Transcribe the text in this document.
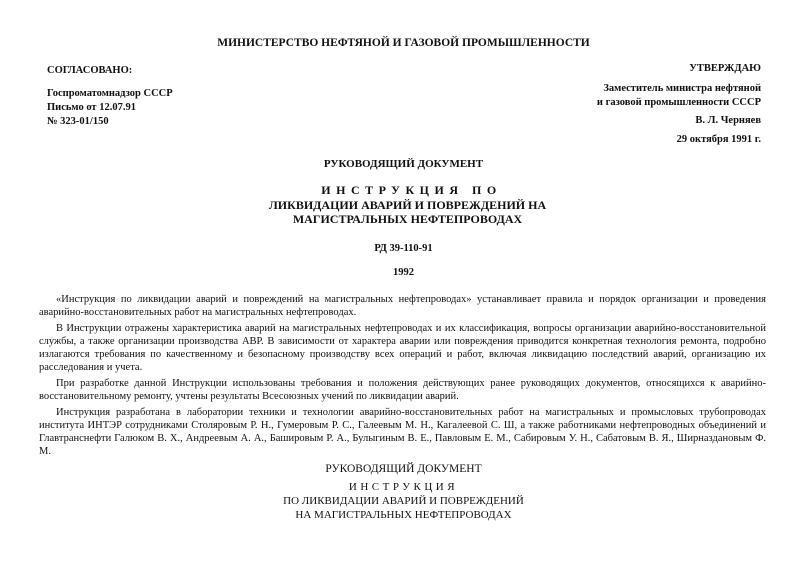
МИНИСТЕРСТВО НЕФТЯНОЙ И ГАЗОВОЙ ПРОМЫШЛЕННОСТИ
СОГЛАСОВАНО:
Госпроматомнадзор СССР
Письмо от 12.07.91
№ 323-01/150
УТВЕРЖДАЮ
Заместитель министра нефтяной
и газовой промышленности СССР
В. Л. Черняев
29 октября 1991 г.
РУКОВОДЯЩИЙ ДОКУМЕНТ
ИНСТРУКЦИЯ ПО
ЛИКВИДАЦИИ АВАРИЙ И ПОВРЕЖДЕНИЙ НА
МАГИСТРАЛЬНЫХ НЕФТЕПРОВОДАХ
РД 39-110-91
1992

«Инструкция по ликвидации аварий и повреждений на магистральных нефтепроводах» устанавливает правила и порядок организации и проведения аварийно-восстановительных работ на магистральных нефтепроводах.

В Инструкции отражены характеристика аварий на магистральных нефтепроводах и их классификация, вопросы организации аварийно-восстановительной службы, а также организации производства АВР. В зависимости от характера аварии или повреждения приводится конкретная технология ремонта, подробно излагаются требования по качественному и безопасному производству всех операций и работ, включая ликвидацию последствий аварий, организацию их расследования и учета.

При разработке данной Инструкции использованы требования и положения действующих ранее руководящих документов, относящихся к аварийно-восстановительному ремонту, учтены результаты Всесоюзных учений по ликвидации аварий.

Инструкция разработана в лаборатории техники и технологии аварийно-восстановительных работ на магистральных и промысловых трубопроводах института ИНТЭР сотрудниками Столяровым Р. Н., Гумеровым Р. С., Галеевым М. Н., Кагалеевой С. Ш, а также работниками нефтепроводных объединений и Главтранснефти Галюком В. Х., Андреевым А. А., Башировым Р. А., Булыгиным В. Е., Павловым Е. М., Сабировым У. Н., Сабатовым В. Я., Ширназдановым Ф. М.

РУКОВОДЯЩИЙ ДОКУМЕНТ
ИНСТРУКЦИЯ
ПО ЛИКВИДАЦИИ АВАРИЙ И ПОВРЕЖДЕНИЙ
НА МАГИСТРАЛЬНЫХ НЕФТЕПРОВОДАХ
